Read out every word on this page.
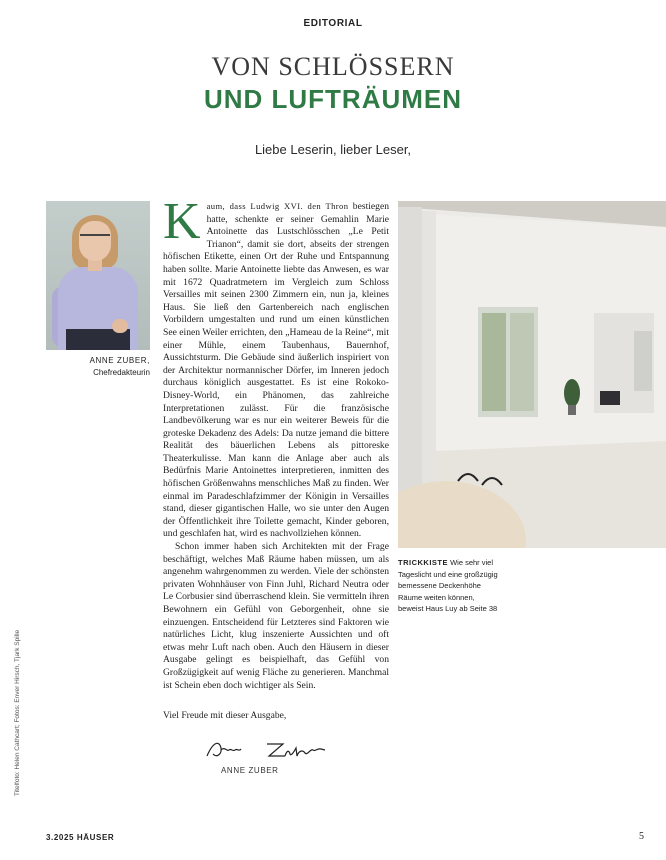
EDITORIAL
VON SCHLÖSSERN
UND LUFTRÄUMEN
Liebe Leserin, lieber Leser,
ANNE ZUBER,
Chefredakteurin

K aum, dass Ludwig XVI. den Thron bestiegen hatte, schenkte er seiner Gemahlin Marie Antoinette das Lustschlösschen „Le Petit Trianon“, damit sie dort, abseits der strengen höfischen Etikette, einen Ort der Ruhe und Entspannung haben sollte. Marie Antoinette liebte das Anwesen, es war mit 1672 Quadratmetern im Vergleich zum Schloss Versailles mit seinen 2300 Zimmern ein, nun ja, kleines Haus. Sie ließ den Gartenbereich nach englischen Vorbildern umgestalten und rund um einen künstlichen See einen Weiler errichten, den „Hameau de la Reine“, mit einer Mühle, einem Taubenhaus, Bauernhof, Aussichtsturm. Die Gebäude sind äußerlich inspiriert von der Architektur normannischer Dörfer, im Inneren jedoch durchaus königlich ausgestattet. Es ist eine Rokoko-Disney-World, ein Phänomen, das zahlreiche Interpretationen zulässt. Für die französische Landbevölkerung war es nur ein weiterer Beweis für die groteske Dekadenz des Adels: Da nutze jemand die bittere Realität des bäuerlichen Lebens als pittoreske Theaterkulisse. Man kann die Anlage aber auch als Bedürfnis Marie Antoinettes interpretieren, inmitten des höfischen Größenwahns menschliches Maß zu finden. Wer einmal im Paradeschlafzimmer der Königin in Versailles stand, dieser gigantischen Halle, wo sie unter den Augen der Öffentlichkeit ihre Toilette gemacht, Kinder geboren, und geschlafen hat, wird es nachvollziehen können.

Schon immer haben sich Architekten mit der Frage beschäftigt, welches Maß Räume haben müssen, um als angenehm wahrgenommen zu werden. Viele der schönsten privaten Wohnhäuser von Finn Juhl, Richard Neutra oder Le Corbusier sind überraschend klein. Sie vermitteln ihren Bewohnern ein Gefühl von Geborgenheit, ohne sie einzuengen. Entscheidend für Letzteres sind Faktoren wie natürliches Licht, klug inszenierte Aussichten und oft etwas mehr Luft nach oben. Auch den Häusern in dieser Ausgabe gelingt es beispielhaft, das Gefühl von Großzügigkeit auf wenig Fläche zu generieren. Manchmal ist Schein eben doch wichtiger als Sein.

Viel Freude mit dieser Ausgabe,
ANNE ZUBER
TRICKKISTE Wie sehr viel Tageslicht und eine großzügig bemessene Deckenhöhe Räume weiten können, beweist Haus Luy ab Seite 38
Titelfoto: Helen Cathcart; Fotos: Enver Hirsch, Tjark Spille
3.2025 HÄUSER	5
